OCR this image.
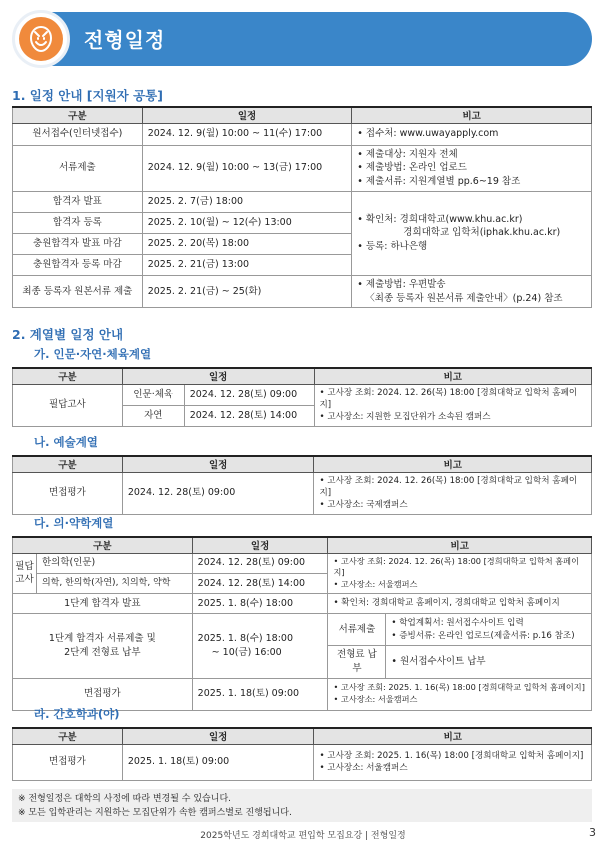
전형일정
1. 일정 안내 [지원자 공통]
구분	일정	비고
원서접수(인터넷접수)	2024. 12. 9(월) 10:00 ~ 11(수) 17:00	• 접수처: www.uwayapply.com
서류제출	2024. 12. 9(월) 10:00 ~ 13(금) 17:00	• 제출대상: 지원자 전체
• 제출방법: 온라인 업로드
• 제출서류: 지원계열별 pp.6~19 참조

합격자 발표	2025. 2. 7(금) 18:00	• 확인처: 경희대학교(www.khu.ac.kr)
경희대학교 입학처(iphak.khu.ac.kr)
• 등록: 하나은행

합격자 등록	2025. 2. 10(월) ~ 12(수) 13:00	
충원합격자 발표 마감	2025. 2. 20(목) 18:00	
충원합격자 등록 마감	2025. 2. 21(금) 13:00	
최종 등록자 원본서류 제출	2025. 2. 21(금) ~ 25(화)	• 제출방법: 우편발송
〈최종 등록자 원본서류 제출안내〉(p.24) 참조
2. 계열별 일정 안내
가. 인문·자연·체육계열
구분	일정		비고
필답고사	인문·체육	2024. 12. 28(토) 09:00	• 고사장 조회: 2024. 12. 26(목) 18:00 [경희대학교 입학처 홈페이지]
• 고사장소: 지원한 모집단위가 소속된 캠퍼스

	자연	2024. 12. 28(토) 14:00	
나. 예술계열
구분	일정	비고
면접평가	2024. 12. 28(토) 09:00	• 고사장 조회: 2024. 12. 26(목) 18:00 [경희대학교 입학처 홈페이지]
• 고사장소: 국제캠퍼스
다. 의·약학계열
구분		일정	비고	

필답
고사	한의학(인문)	2024. 12. 28(토) 09:00	• 고사장 조회: 2024. 12. 26(목) 18:00 [경희대학교 입학처 홈페이지]
• 고사장소: 서울캠퍼스

	의학, 한의학(자연), 치의학, 약학	2024. 12. 28(토) 14:00		
1단계 합격자 발표		2025. 1. 8(수) 18:00	• 확인처: 경희대학교 홈페이지, 경희대학교 입학처 홈페이지

1단계 합격자 서류제출 및
2단계 전형료 납부		2025. 1. 8(수) 18:00
~ 10(금) 16:00	서류제출	• 학업계획서: 원서접수사이트 입력
• 증빙서류: 온라인 업로드(제출서류: p.16 참조)

			전형료 납부	• 원서접수사이트 납부
면접평가		2025. 1. 18(토) 09:00	• 고사장 조회: 2025. 1. 16(목) 18:00 [경희대학교 입학처 홈페이지]
• 고사장소: 서울캠퍼스
라. 간호학과(야)
구분	일정	비고
면접평가	2025. 1. 18(토) 09:00	• 고사장 조회: 2025. 1. 16(목) 18:00 [경희대학교 입학처 홈페이지]
• 고사장소: 서울캠퍼스
※ 전형일정은 대학의 사정에 따라 변경될 수 있습니다.
※ 모든 입학관리는 지원하는 모집단위가 속한 캠퍼스별로 진행됩니다.
2025학년도 경희대학교 편입학 모집요강 | 전형일정	3
